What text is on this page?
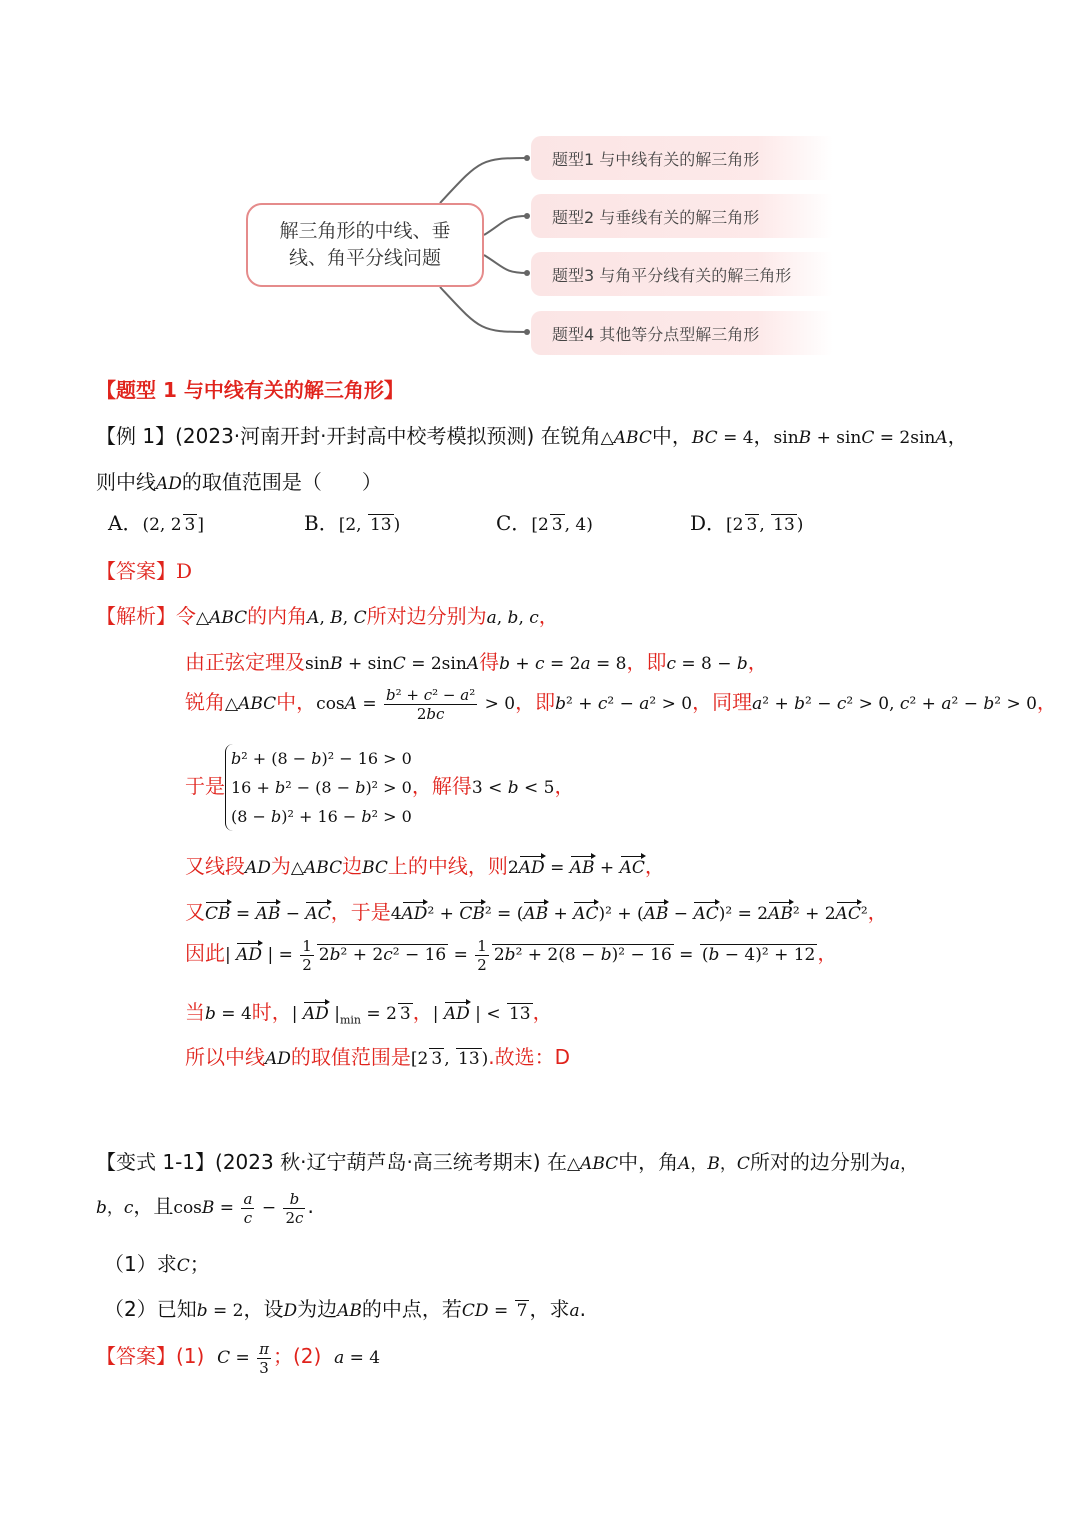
解三角形的中线、垂线、角平分线问题
题型1 与中线有关的解三角形
题型2 与垂线有关的解三角形
题型3 与角平分线有关的解三角形
题型4 其他等分点型解三角形
【题型 1 与中线有关的解三角形】
【例 1】(2023·河南开封·开封高中校考模拟预测) 在锐角△ABC中，BC = 4，sinB + sinC = 2sinA，
则中线AD的取值范围是（　　）
A．(2, 2 3 ]	B．[2, 13 )	C．[2 3 , 4)	D．[2 3 , 13 )
【答案】D
【解析】令△ABC的内角A, B, C所对边分别为a, b, c，
由正弦定理及sinB + sinC = 2sinA得b + c = 2a = 8，即c = 8 − b，
锐角△ABC中，$\cos A = \frac{\text{b² + c² − a²}}{2bc} > 0$，即b² + c² − a² > 0，同理a² + b² − c² > 0, c² + a² − b² > 0，
于是
b² + (8 − b)² − 16 > 0
16 + b² − (8 − b)² > 0
(8 − b)² + 16 − b² > 0
，解得3 < b < 5，
又线段AD为△ABC边BC上的中线，则2AD = AB + AC，
又CB = AB − AC，于是4AD² + CB² = (AB + AC)² + (AB − AC)² = 2AB² + 2AC²，
因此| AD | = $\frac{1}{2} 2b^2 + 2c^2 - 16 = \frac{1}{2} 2b^2 + 2(8 - b)^2 - 16 = (b - 4)^2 + 12$ ，
当b = 4时，| AD $|_{min} = 2$ 3 ，| AD | < 13 ，
所以中线AD的取值范围是[2 3 , 13 ).故选：D
【变式 1-1】(2023 秋·辽宁葫芦岛·高三统考期末) 在△ABC中，角A，B，C所对的边分别为a，
b，c，且$\cos B = \frac{a}{c} - \frac{b}{2c}$ .
（1）求C；
（2）已知b = 2，设D为边AB的中点，若CD = 7 ，求a.
【答案】(1) $C = \frac{\pi}{3}$ ；(2) a = 4
